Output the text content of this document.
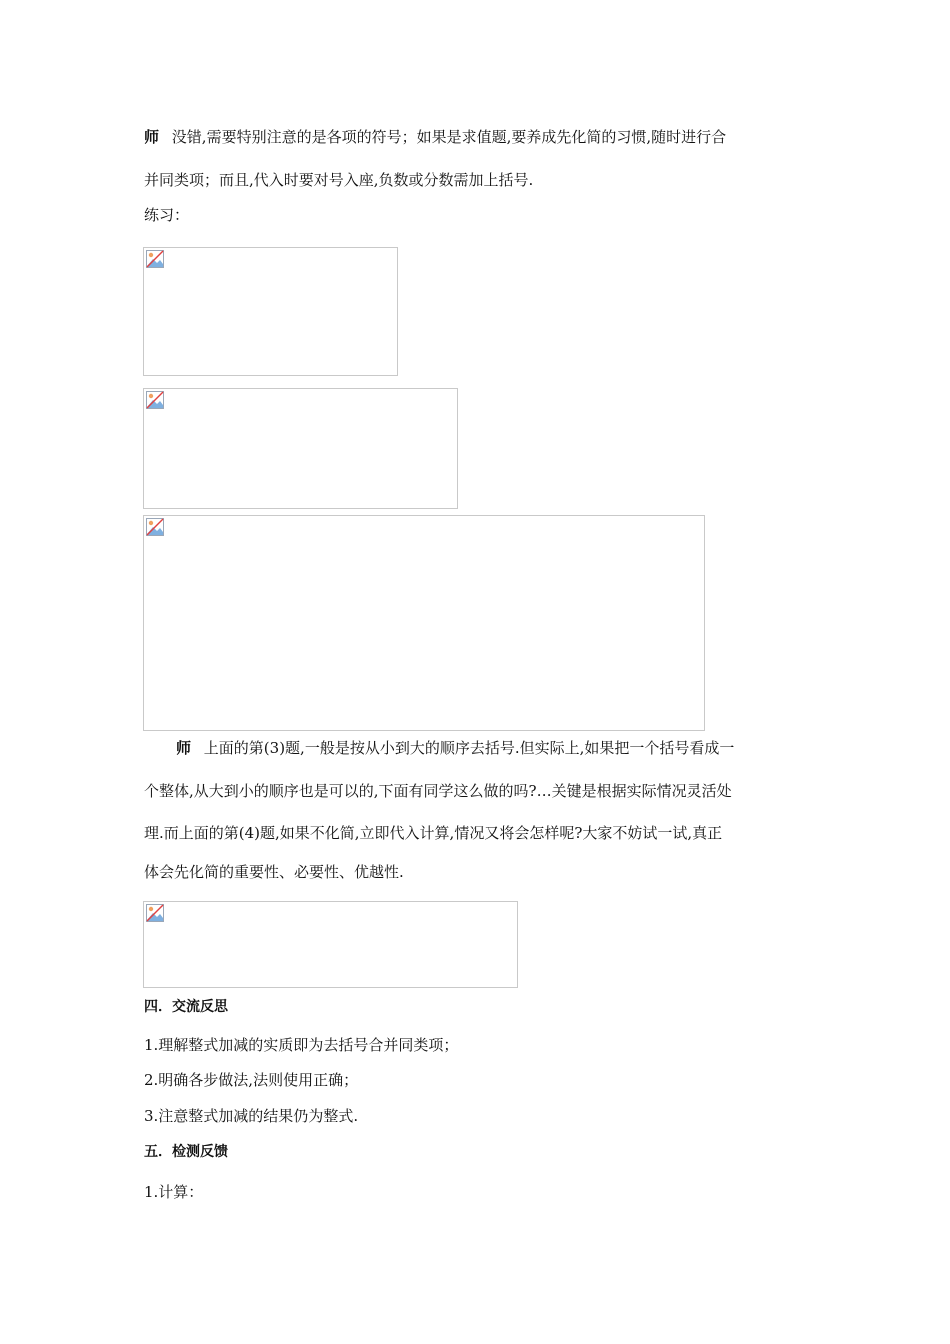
师 没错,需要特别注意的是各项的符号；如果是求值题,要养成先化简的习惯,随时进行合
并同类项；而且,代入时要对号入座,负数或分数需加上括号.
练习：
师 上面的第(3)题,一般是按从小到大的顺序去括号.但实际上,如果把一个括号看成一
个整体,从大到小的顺序也是可以的,下面有同学这么做的吗?…关键是根据实际情况灵活处
理.而上面的第(4)题,如果不化简,立即代入计算,情况又将会怎样呢?大家不妨试一试,真正
体会先化简的重要性、必要性、优越性.
四．交流反思
1.理解整式加减的实质即为去括号合并同类项；
2.明确各步做法,法则使用正确；
3.注意整式加减的结果仍为整式.
五．检测反馈
1.计算：
